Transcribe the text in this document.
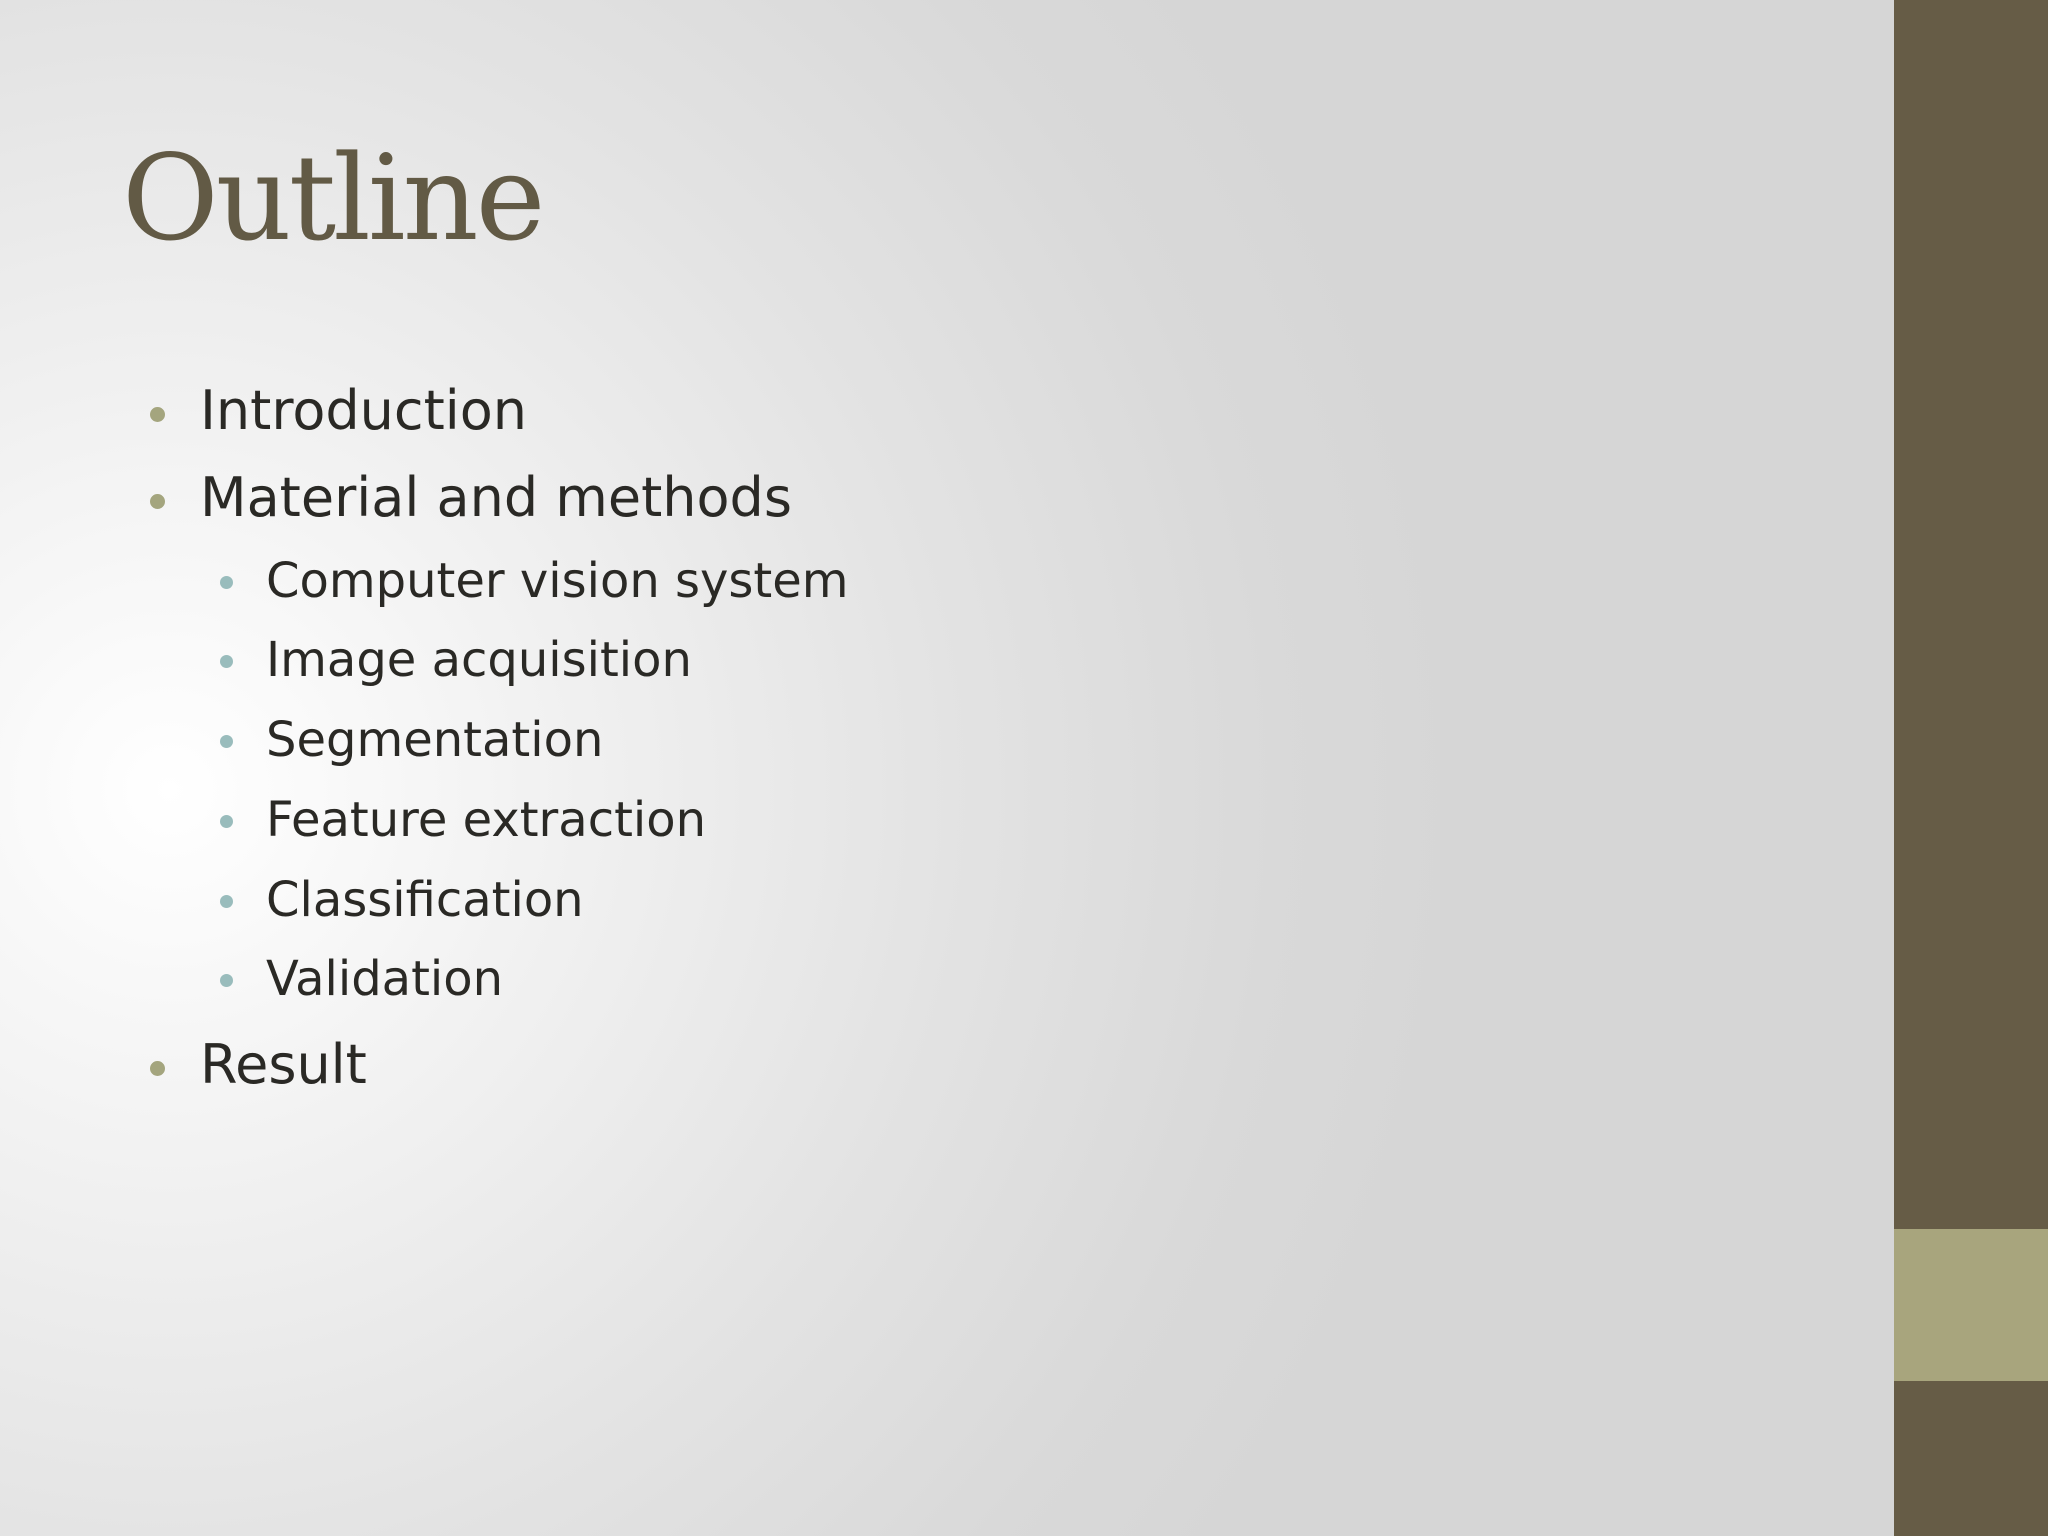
Outline
Introduction
Material and methods
Computer vision system
Image acquisition
Segmentation
Feature extraction
Classification
Validation
Result
